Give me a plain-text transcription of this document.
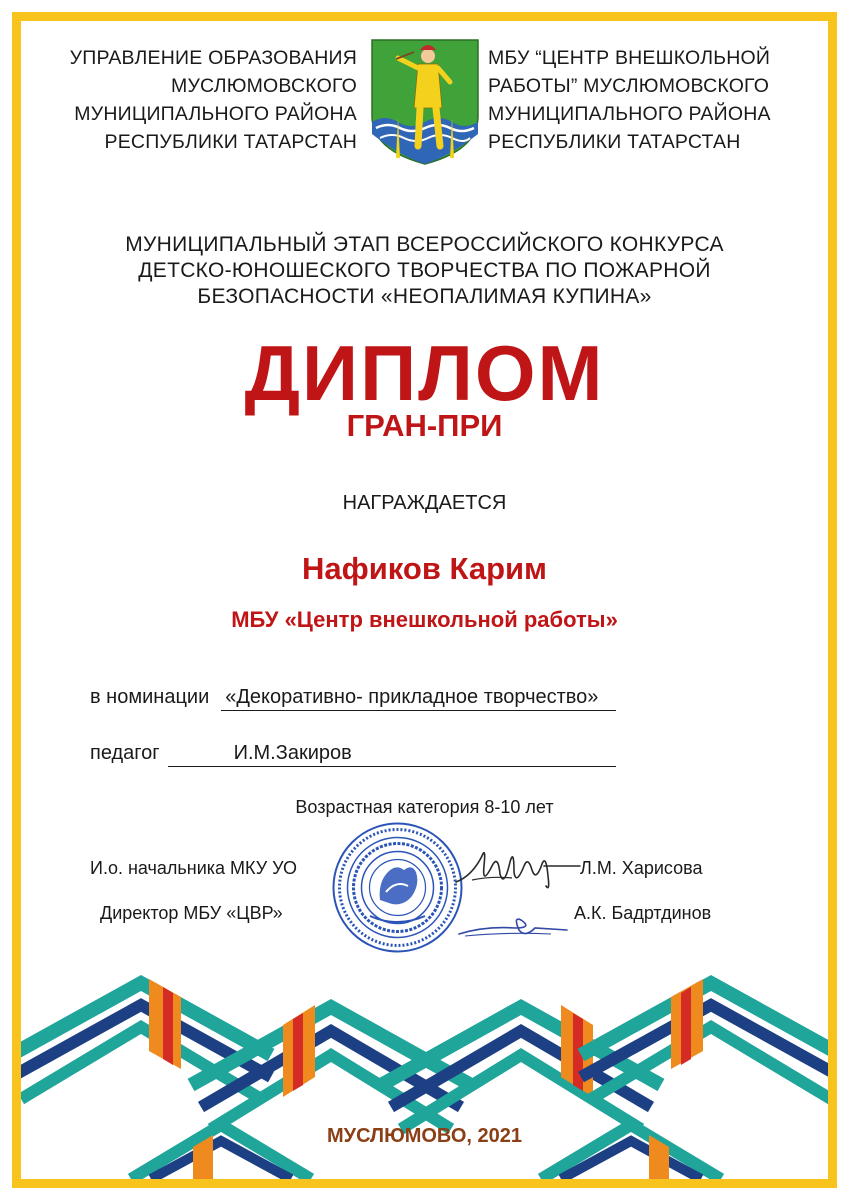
УПРАВЛЕНИЕ ОБРАЗОВАНИЯ
МУСЛЮМОВСКОГО
МУНИЦИПАЛЬНОГО РАЙОНА
РЕСПУБЛИКИ ТАТАРСТАН
МБУ “ЦЕНТР ВНЕШКОЛЬНОЙ
РАБОТЫ” МУСЛЮМОВСКОГО
МУНИЦИПАЛЬНОГО РАЙОНА
РЕСПУБЛИКИ ТАТАРСТАН
МУНИЦИПАЛЬНЫЙ ЭТАП ВСЕРОССИЙСКОГО КОНКУРСА
ДЕТСКО-ЮНОШЕСКОГО ТВОРЧЕСТВА ПО ПОЖАРНОЙ
БЕЗОПАСНОСТИ «НЕОПАЛИМАЯ КУПИНА»
ДИПЛОМ
ГРАН-ПРИ
НАГРАЖДАЕТСЯ
Нафиков Карим
МБУ «Центр внешкольной работы»
в номинации «Декоративно- прикладное творчество»
педагог	И.М.Закиров
Возрастная категория 8-10 лет
И.о. начальника МКУ УО	Л.М. Харисова
Директор МБУ «ЦВР»	А.К. Бадртдинов
МУСЛЮМОВО, 2021
